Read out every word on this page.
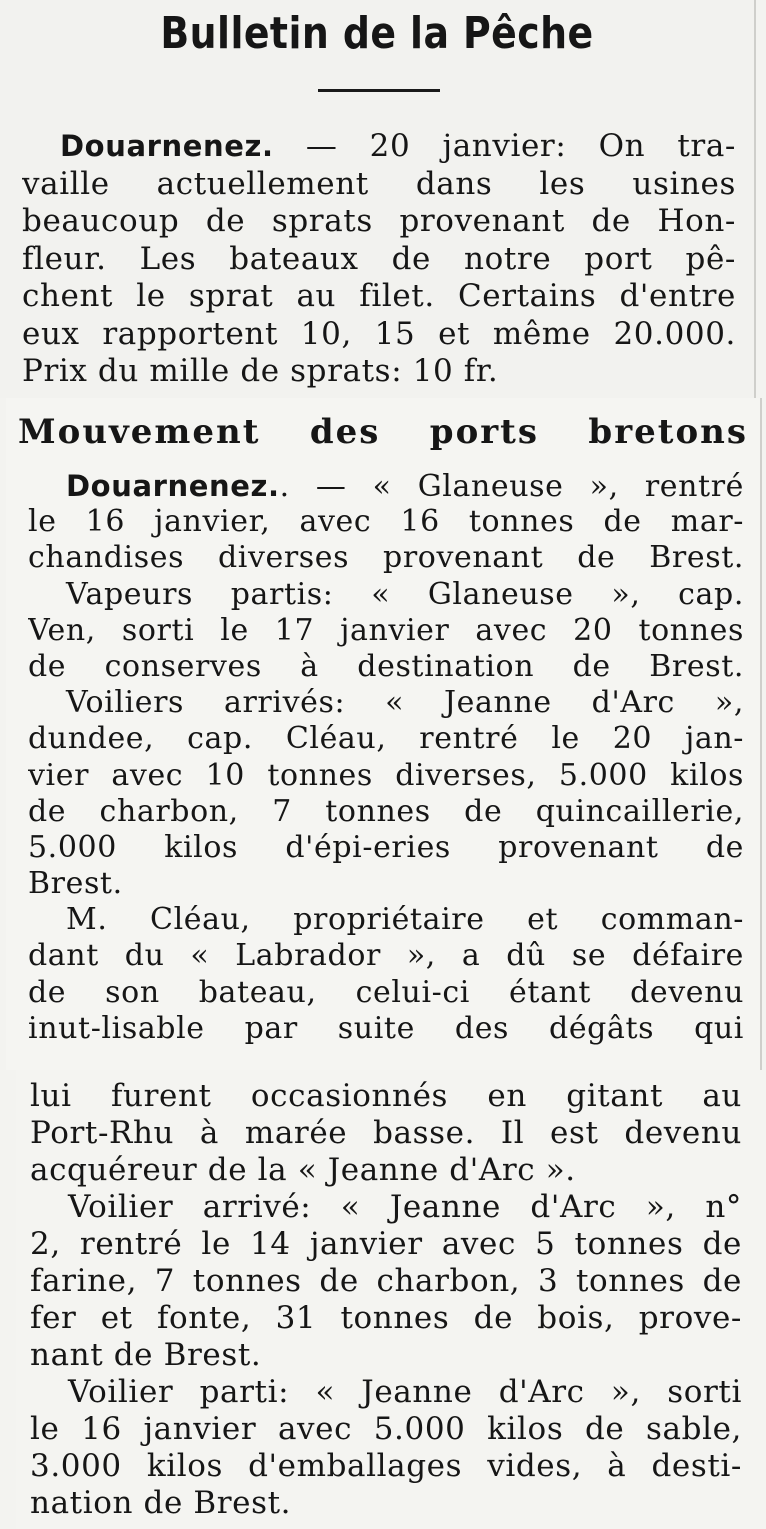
Bulletin de la Pêche
Douarnenez. — 20 janvier: On tra-
vaille actuellement dans les usines
beaucoup de sprats provenant de Hon-
fleur. Les bateaux de notre port pê-
chent le sprat au filet. Certains d'entre
eux rapportent 10, 15 et même 20.000.
Prix du mille de sprats: 10 fr.
Mouvement des ports bretons
Douarnenez.. — « Glaneuse », rentré
le 16 janvier, avec 16 tonnes de mar-
chandises diverses provenant de Brest.
Vapeurs partis: « Glaneuse », cap.
Ven, sorti le 17 janvier avec 20 tonnes
de conserves à destination de Brest.
Voiliers arrivés: « Jeanne d'Arc »,
dundee, cap. Cléau, rentré le 20 jan-
vier avec 10 tonnes diverses, 5.000 kilos
de charbon, 7 tonnes de quincaillerie,
5.000 kilos d'épi-eries provenant de
Brest.
M. Cléau, propriétaire et comman-
dant du « Labrador », a dû se défaire
de son bateau, celui-ci étant devenu
inut-lisable par suite des dégâts qui
lui furent occasionnés en gitant au
Port-Rhu à marée basse. Il est devenu
acquéreur de la « Jeanne d'Arc ».
Voilier arrivé: « Jeanne d'Arc », n°
2, rentré le 14 janvier avec 5 tonnes de
farine, 7 tonnes de charbon, 3 tonnes de
fer et fonte, 31 tonnes de bois, prove-
nant de Brest.
Voilier parti: « Jeanne d'Arc », sorti
le 16 janvier avec 5.000 kilos de sable,
3.000 kilos d'emballages vides, à desti-
nation de Brest.
